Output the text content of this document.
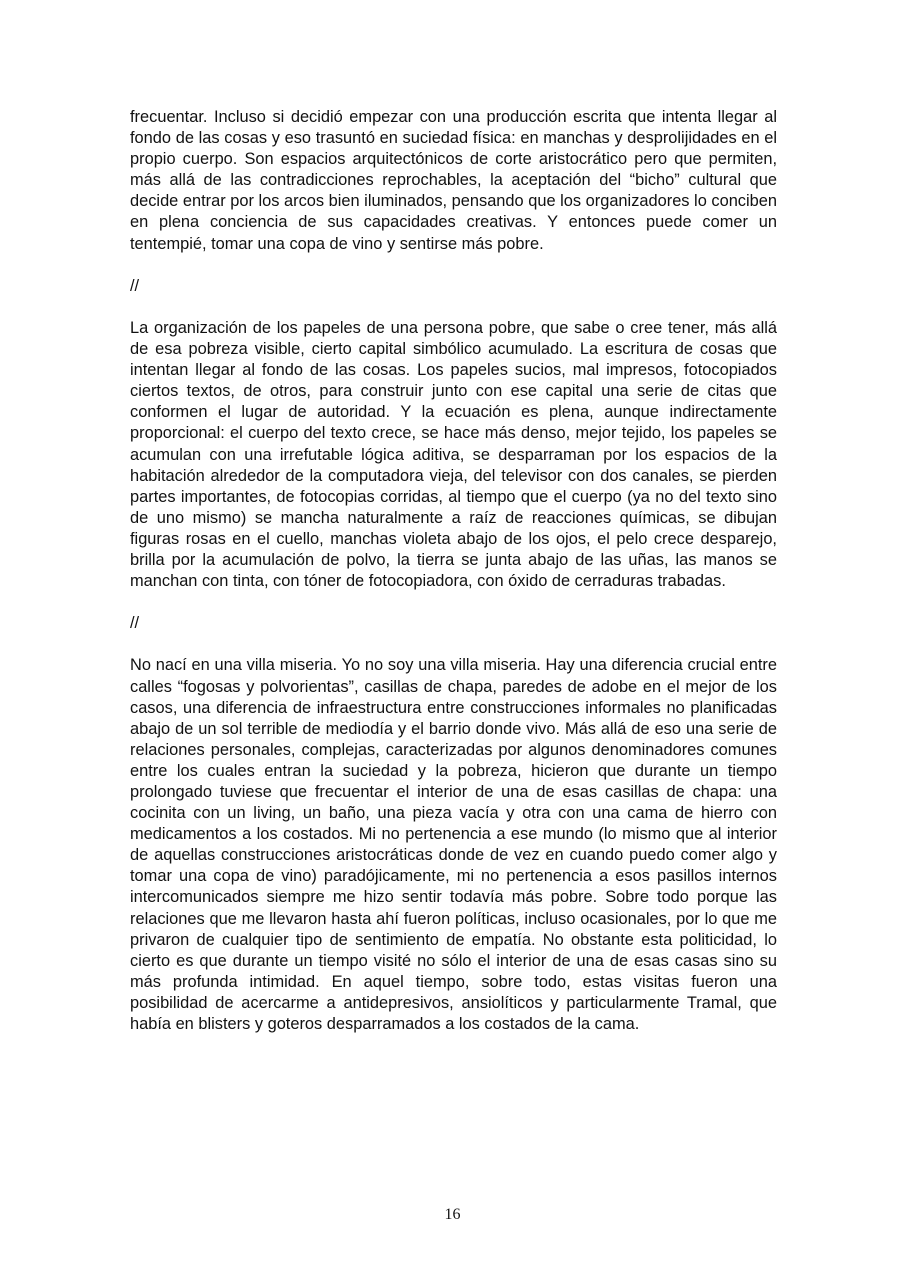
frecuentar. Incluso si decidió empezar con una producción escrita que intenta llegar al fondo de las cosas y eso trasuntó en suciedad física: en manchas y desprolijidades en el propio cuerpo. Son espacios arquitectónicos de corte aristocrático pero que permiten, más allá de las contradicciones reprochables, la aceptación del “bicho” cultural que decide entrar por los arcos bien iluminados, pensando que los organizadores lo conciben en plena conciencia de sus capacidades creativas. Y entonces puede comer un tentempié, tomar una copa de vino y sentirse más pobre.

//

La organización de los papeles de una persona pobre, que sabe o cree tener, más allá de esa pobreza visible, cierto capital simbólico acumulado. La escritura de cosas que intentan llegar al fondo de las cosas. Los papeles sucios, mal impresos, fotocopiados ciertos textos, de otros, para construir junto con ese capital una serie de citas que conformen el lugar de autoridad. Y la ecuación es plena, aunque indirectamente proporcional: el cuerpo del texto crece, se hace más denso, mejor tejido, los papeles se acumulan con una irrefutable lógica aditiva, se desparraman por los espacios de la habitación alrededor de la computadora vieja, del televisor con dos canales, se pierden partes importantes, de fotocopias corridas, al tiempo que el cuerpo (ya no del texto sino de uno mismo) se mancha naturalmente a raíz de reacciones químicas, se dibujan figuras rosas en el cuello, manchas violeta abajo de los ojos, el pelo crece desparejo, brilla por la acumulación de polvo, la tierra se junta abajo de las uñas, las manos se manchan con tinta, con tóner de fotocopiadora, con óxido de cerraduras trabadas.

//

No nací en una villa miseria. Yo no soy una villa miseria. Hay una diferencia crucial entre calles “fogosas y polvorientas”, casillas de chapa, paredes de adobe en el mejor de los casos, una diferencia de infraestructura entre construcciones informales no planificadas abajo de un sol terrible de mediodía y el barrio donde vivo. Más allá de eso una serie de relaciones personales, complejas, caracterizadas por algunos denominadores comunes entre los cuales entran la suciedad y la pobreza, hicieron que durante un tiempo prolongado tuviese que frecuentar el interior de una de esas casillas de chapa: una cocinita con un living, un baño, una pieza vacía y otra con una cama de hierro con medicamentos a los costados. Mi no pertenencia a ese mundo (lo mismo que al interior de aquellas construcciones aristocráticas donde de vez en cuando puedo comer algo y tomar una copa de vino) paradójicamente, mi no pertenencia a esos pasillos internos intercomunicados siempre me hizo sentir todavía más pobre. Sobre todo porque las relaciones que me llevaron hasta ahí fueron políticas, incluso ocasionales, por lo que me privaron de cualquier tipo de sentimiento de empatía. No obstante esta politicidad, lo cierto es que durante un tiempo visité no sólo el interior de una de esas casas sino su más profunda intimidad. En aquel tiempo, sobre todo, estas visitas fueron una posibilidad de acercarme a antidepresivos, ansiolíticos y particularmente Tramal, que había en blisters y goteros desparramados a los costados de la cama.

16
